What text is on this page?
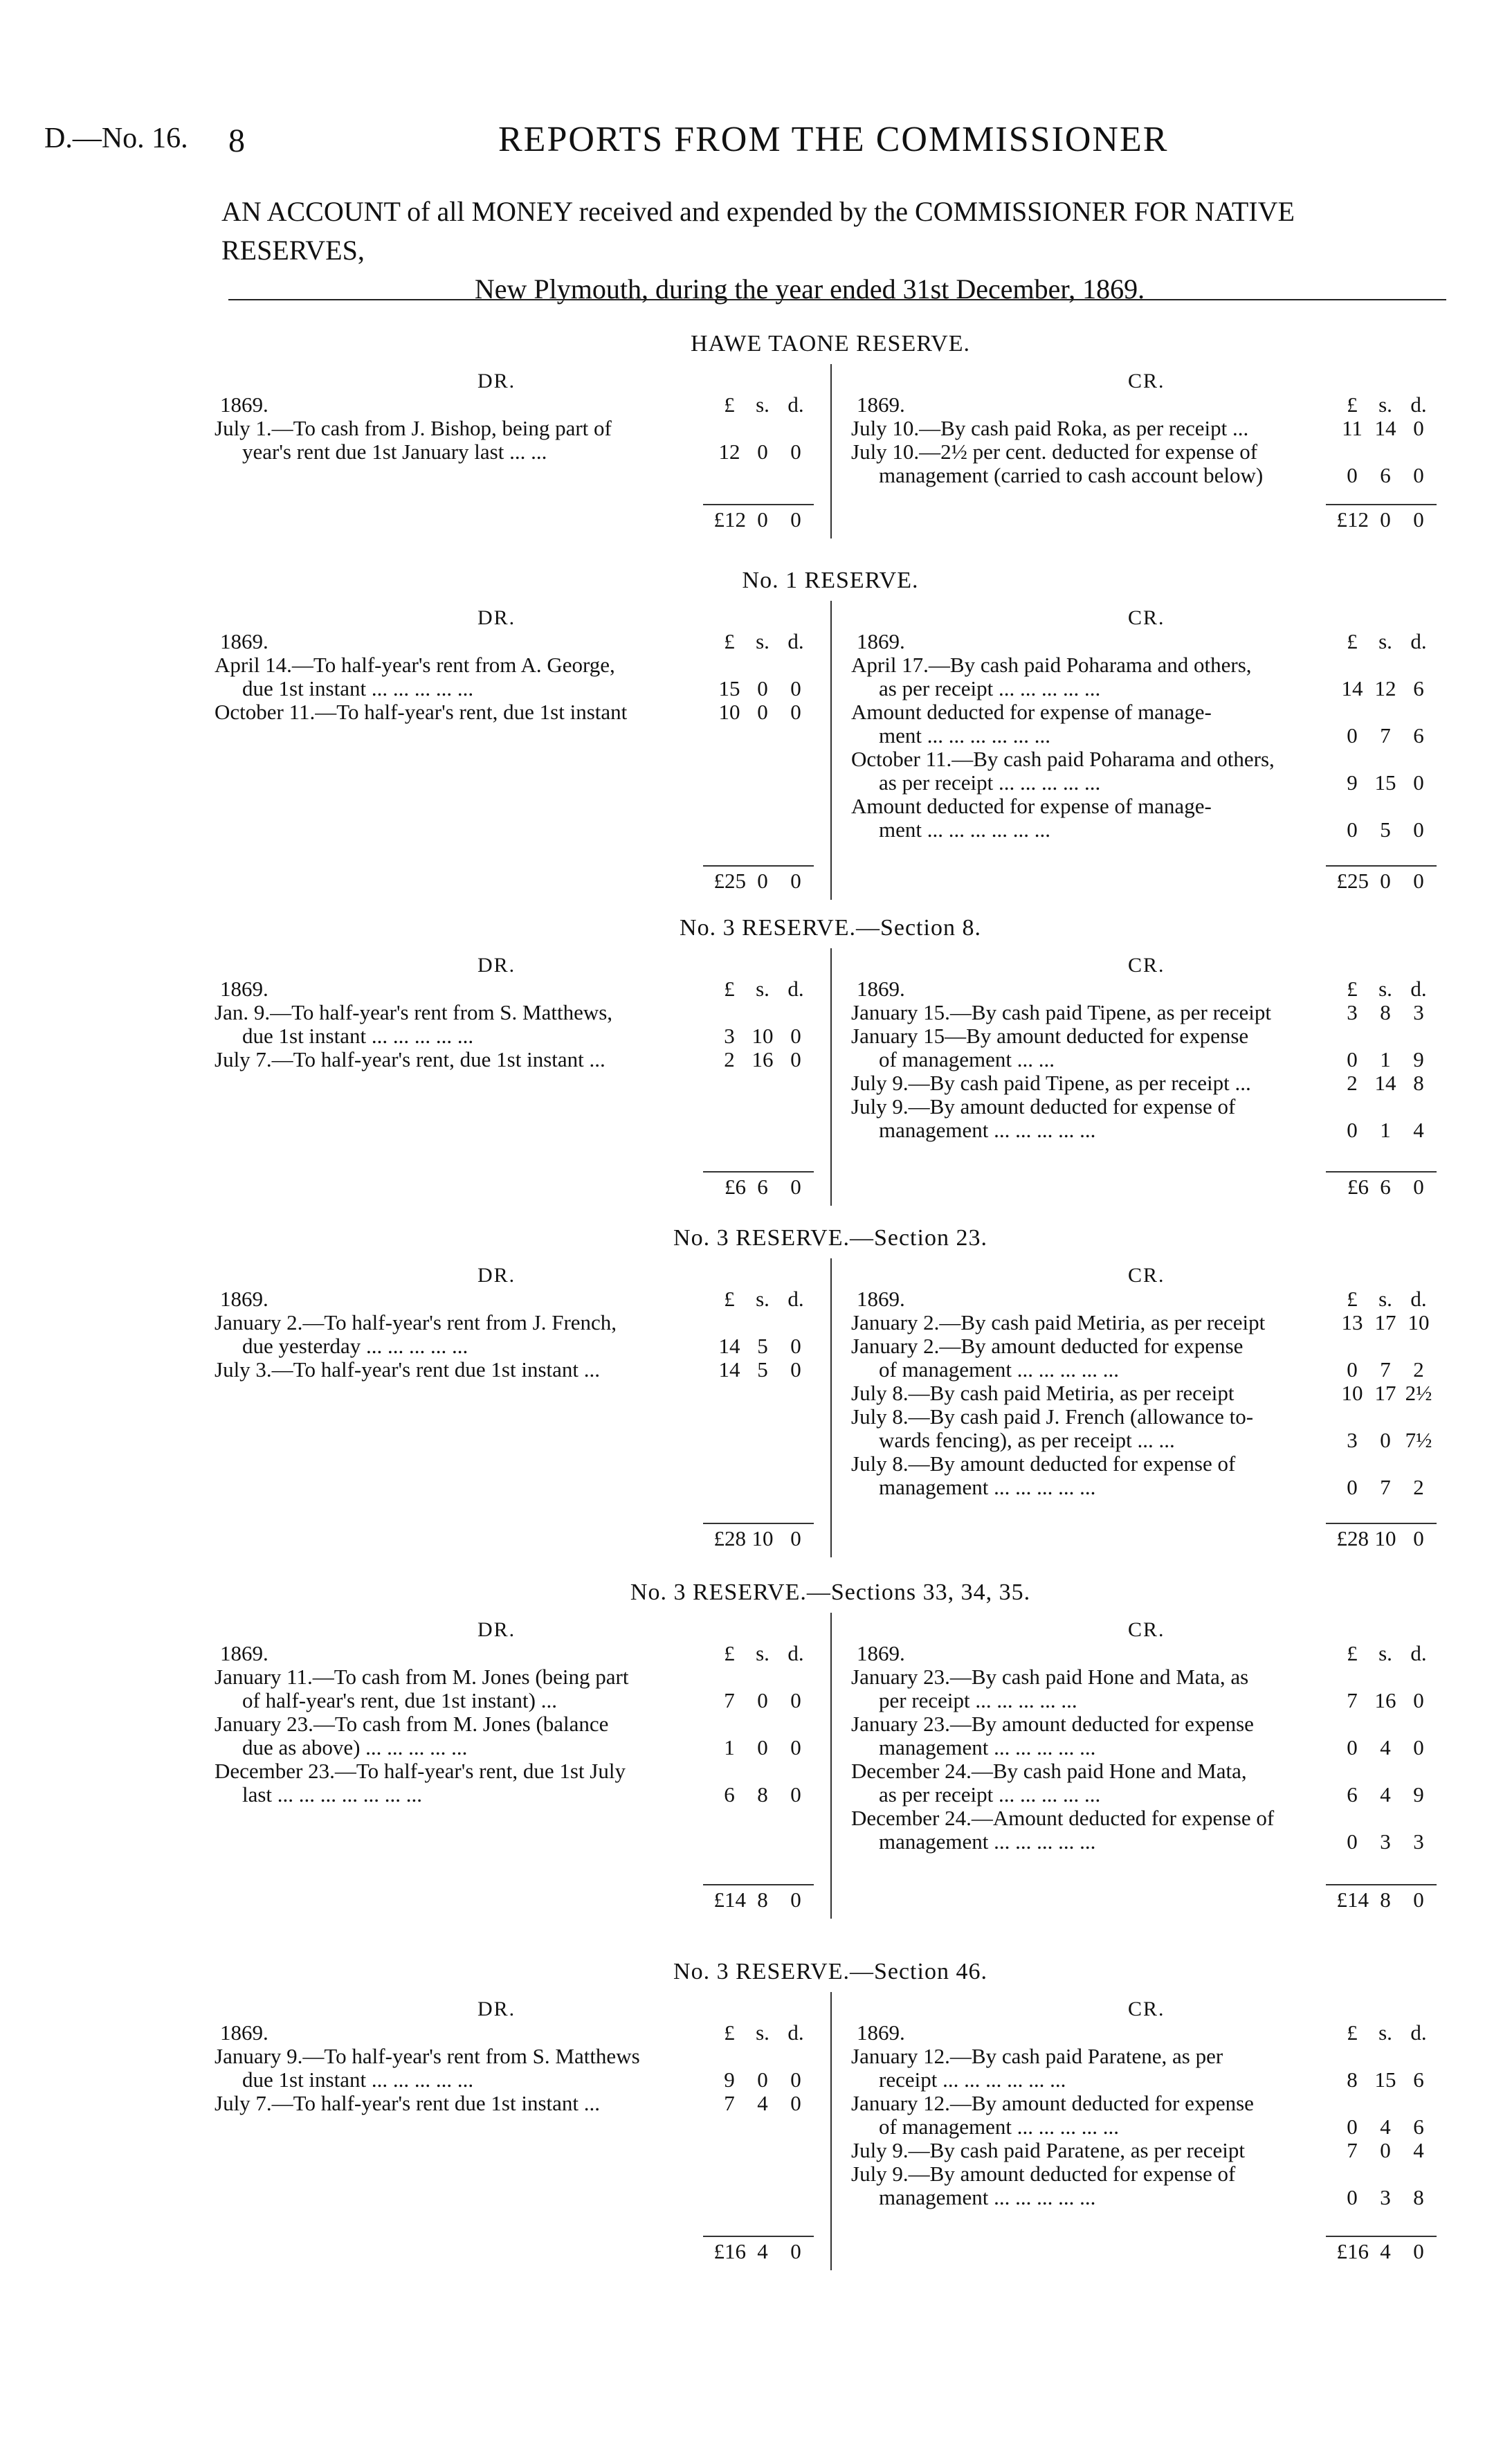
D.—No. 16. 8	REPORTS FROM THE COMMISSIONER
AN ACCOUNT of all MONEY received and expended by the COMMISSIONER FOR NATIVE RESERVES,
New Plymouth, during the year ended 31st December, 1869.
HAWE TAONE RESERVE.
DR.
1869.	£ s. d.
July 1.—To cash from J. Bishop, being part of
year's rent due 1st January last ... ...	12 0 0
£12 0 0
CR.
1869.	£ s. d.
July 10.—By cash paid Roka, as per receipt ...	11 14 0
July 10.—2½ per cent. deducted for expense of
management (carried to cash account below)	0 6 0
£12 0 0
No. 1 RESERVE.
DR.
1869.	£ s. d.
April 14.—To half-year's rent from A. George,
due 1st instant ... ... ... ... ...	15 0 0
October 11.—To half-year's rent, due 1st instant	10 0 0
£25 0 0
CR.
1869.	£ s. d.
April 17.—By cash paid Poharama and others,
as per receipt ... ... ... ... ...	14 12 6
Amount deducted for expense of manage-
ment ... ... ... ... ... ...	0 7 6
October 11.—By cash paid Poharama and others,
as per receipt ... ... ... ... ...	9 15 0
Amount deducted for expense of manage-
ment ... ... ... ... ... ...	0 5 0
£25 0 0
No. 3 RESERVE.—Section 8.
DR.
1869.	£ s. d.
Jan. 9.—To half-year's rent from S. Matthews,
due 1st instant ... ... ... ... ...	3 10 0
July 7.—To half-year's rent, due 1st instant ...	2 16 0
£6 6 0
CR.
1869.	£ s. d.
January 15.—By cash paid Tipene, as per receipt	3 8 3
January 15—By amount deducted for expense
of management ... ...	0 1 9
July 9.—By cash paid Tipene, as per receipt ...	2 14 8
July 9.—By amount deducted for expense of
management ... ... ... ... ...	0 1 4
£6 6 0
No. 3 RESERVE.—Section 23.
DR.
1869.	£ s. d.
January 2.—To half-year's rent from J. French,
due yesterday ... ... ... ... ...	14 5 0
July 3.—To half-year's rent due 1st instant ...	14 5 0
£28 10 0
CR.
1869.	£ s. d.
January 2.—By cash paid Metiria, as per receipt	13 17 10
January 2.—By amount deducted for expense
of management ... ... ... ... ...	0 7 2
July 8.—By cash paid Metiria, as per receipt	10 17 2½
July 8.—By cash paid J. French (allowance to-
wards fencing), as per receipt ... ...	3 0 7½
July 8.—By amount deducted for expense of
management ... ... ... ... ...	0 7 2
£28 10 0
No. 3 RESERVE.—Sections 33, 34, 35.
DR.
1869.	£ s. d.
January 11.—To cash from M. Jones (being part
of half-year's rent, due 1st instant) ...	7 0 0
January 23.—To cash from M. Jones (balance
due as above) ... ... ... ... ...	1 0 0
December 23.—To half-year's rent, due 1st July
last ... ... ... ... ... ... ...	6 8 0
£14 8 0
CR.
1869.	£ s. d.
January 23.—By cash paid Hone and Mata, as
per receipt ... ... ... ... ...	7 16 0
January 23.—By amount deducted for expense
management ... ... ... ... ...	0 4 0
December 24.—By cash paid Hone and Mata,
as per receipt ... ... ... ... ...	6 4 9
December 24.—Amount deducted for expense of
management ... ... ... ... ...	0 3 3
£14 8 0
No. 3 RESERVE.—Section 46.
DR.
1869.	£ s. d.
January 9.—To half-year's rent from S. Matthews
due 1st instant ... ... ... ... ...	9 0 0
July 7.—To half-year's rent due 1st instant ...	7 4 0
£16 4 0
CR.
1869.	£ s. d.
January 12.—By cash paid Paratene, as per
receipt ... ... ... ... ... ...	8 15 6
January 12.—By amount deducted for expense
of management ... ... ... ... ...	0 4 6
July 9.—By cash paid Paratene, as per receipt	7 0 4
July 9.—By amount deducted for expense of
management ... ... ... ... ...	0 3 8
£16 4 0
